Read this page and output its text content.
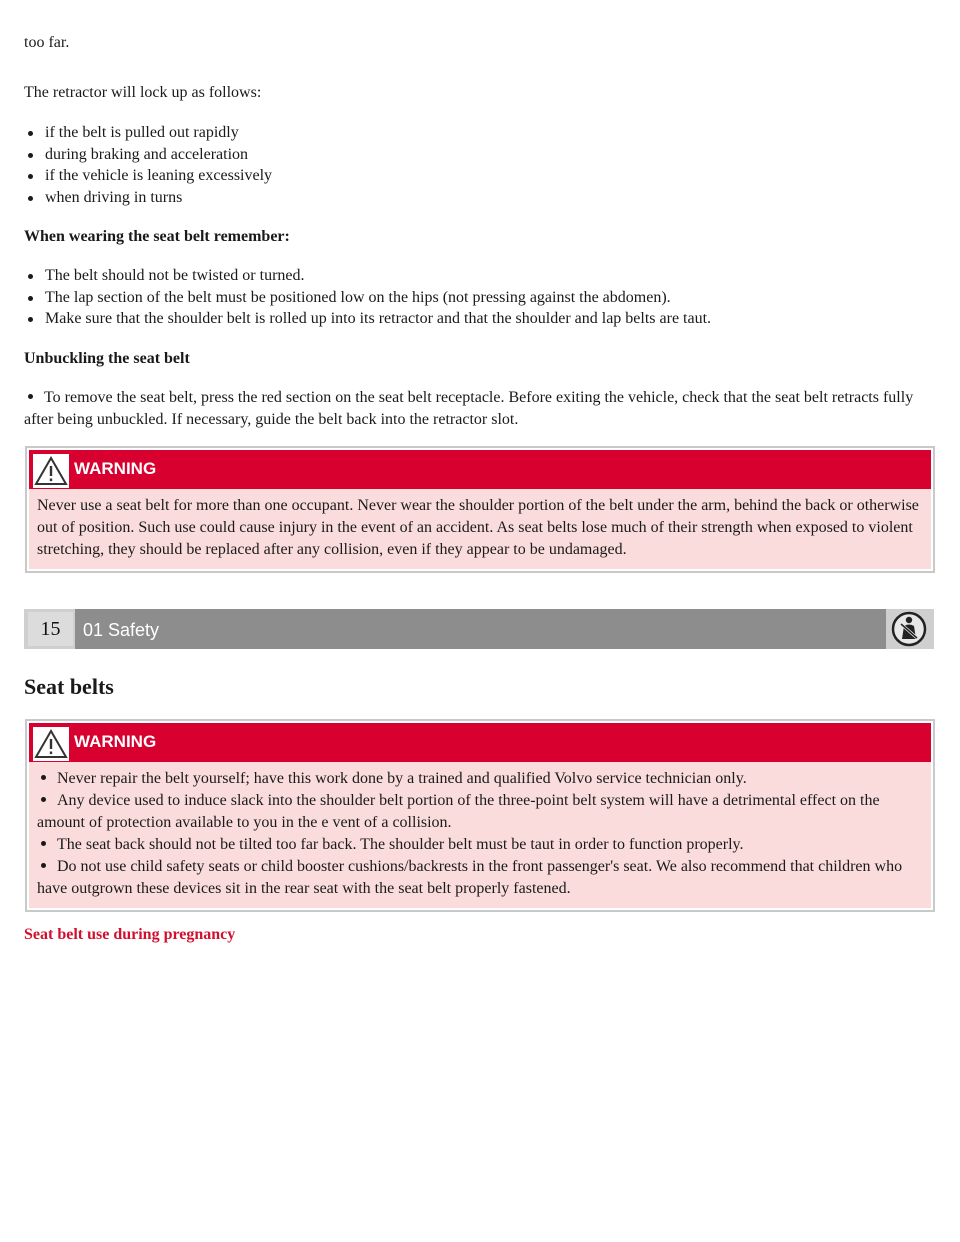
too far.

The retractor will lock up as follows:

if the belt is pulled out rapidly
during braking and acceleration
if the vehicle is leaning excessively
when driving in turns

When wearing the seat belt remember:

The belt should not be twisted or turned.
The lap section of the belt must be positioned low on the hips (not pressing against the abdomen).
Make sure that the shoulder belt is rolled up into its retractor and that the shoulder and lap belts are taut.

Unbuckling the seat belt

To remove the seat belt, press the red section on the seat belt receptacle. Before exiting the vehicle, check that the seat belt retracts fully after being unbuckled. If necessary, guide the belt back into the retractor slot.

WARNING
Never use a seat belt for more than one occupant. Never wear the shoulder portion of the belt under the arm, behind the back or otherwise out of position. Such use could cause injury in the event of an accident. As seat belts lose much of their strength when exposed to violent stretching, they should be replaced after any collision, even if they appear to be undamaged.
15	01 Safety
Seat belts
WARNING
Never repair the belt yourself; have this work done by a trained and qualified Volvo service technician only.
Any device used to induce slack into the shoulder belt portion of the three-point belt system will have a detrimental effect on the amount of protection available to you in the e vent of a collision.
The seat back should not be tilted too far back. The shoulder belt must be taut in order to function properly.
Do not use child safety seats or child booster cushions/backrests in the front passenger's seat. We also recommend that children who have outgrown these devices sit in the rear seat with the seat belt properly fastened.

Seat belt use during pregnancy
